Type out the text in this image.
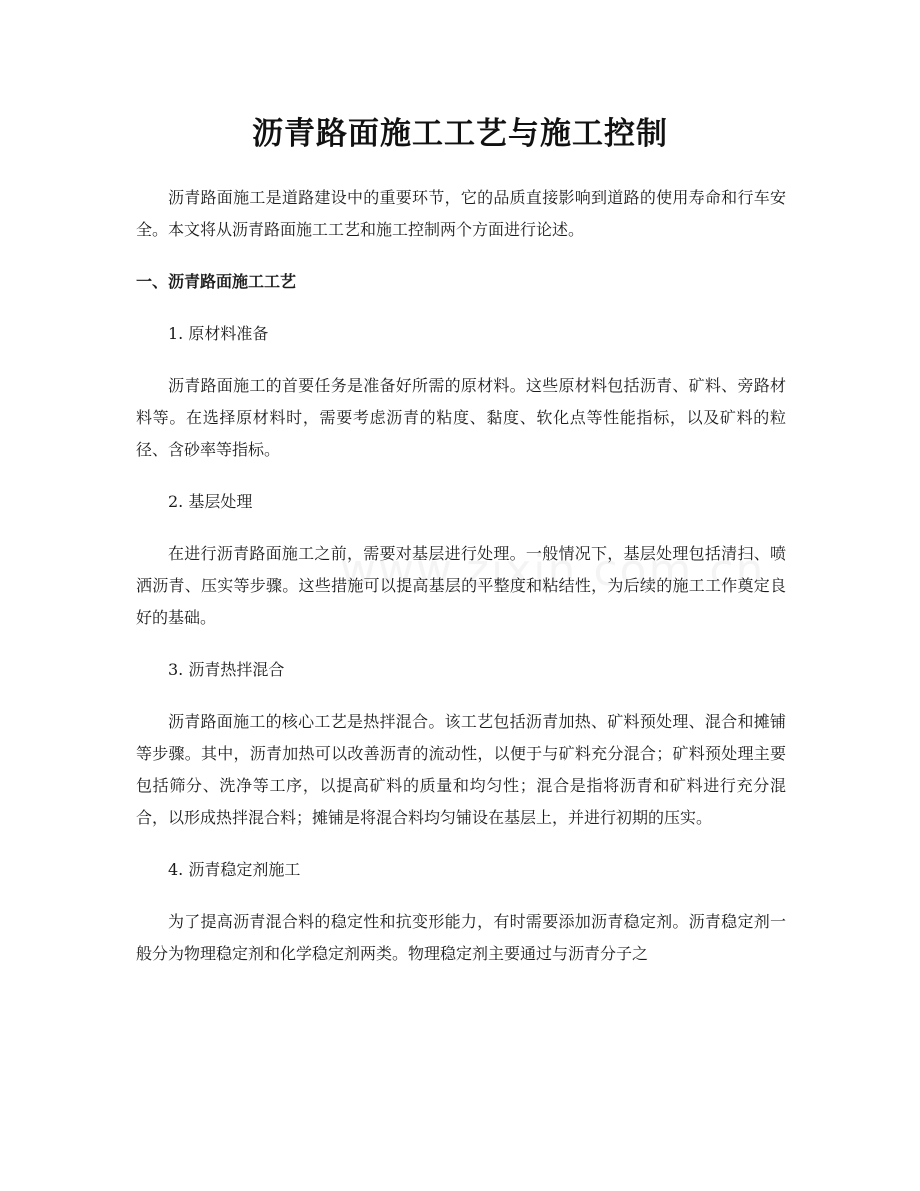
沥青路面施工工艺与施工控制

沥青路面施工是道路建设中的重要环节，它的品质直接影响到道路的使用寿命和行车安全。本文将从沥青路面施工工艺和施工控制两个方面进行论述。

一、沥青路面施工工艺

1. 原材料准备

沥青路面施工的首要任务是准备好所需的原材料。这些原材料包括沥青、矿料、旁路材料等。在选择原材料时，需要考虑沥青的粘度、黏度、软化点等性能指标，以及矿料的粒径、含砂率等指标。

2. 基层处理

在进行沥青路面施工之前，需要对基层进行处理。一般情况下，基层处理包括清扫、喷洒沥青、压实等步骤。这些措施可以提高基层的平整度和粘结性，为后续的施工工作奠定良好的基础。

3. 沥青热拌混合

沥青路面施工的核心工艺是热拌混合。该工艺包括沥青加热、矿料预处理、混合和摊铺等步骤。其中，沥青加热可以改善沥青的流动性，以便于与矿料充分混合；矿料预处理主要包括筛分、洗净等工序，以提高矿料的质量和均匀性；混合是指将沥青和矿料进行充分混合，以形成热拌混合料；摊铺是将混合料均匀铺设在基层上，并进行初期的压实。

4. 沥青稳定剂施工

为了提高沥青混合料的稳定性和抗变形能力，有时需要添加沥青稳定剂。沥青稳定剂一般分为物理稳定剂和化学稳定剂两类。物理稳定剂主要通过与沥青分子之
